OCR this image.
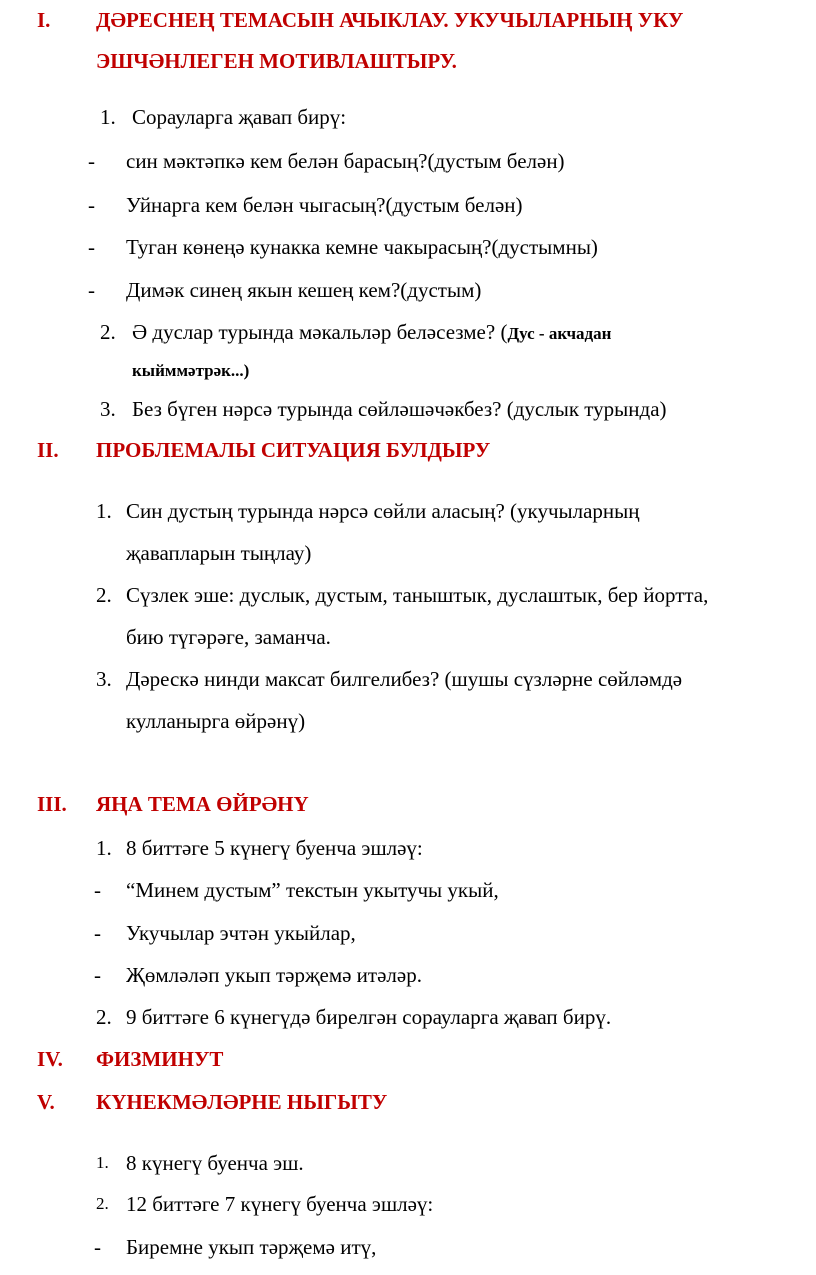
I. ДӘРЕСНЕҢ ТЕМАСЫН АЧЫКЛАУ. УКУЧЫЛАРНЫҢ УКУ
ЭШЧӘНЛЕГЕН МОТИВЛАШТЫРУ.
1. Сорауларга җавап бирү:
- син мәктәпкә кем белән барасың?(дустым белән)
- Уйнарга кем белән чыгасың?(дустым белән)
- Туган көнеңә кунакка кемне чакырасың?(дустымны)
- Димәк синең якын кешең кем?(дустым)
2. Ә дуслар турында мәкальләр беләсезме? (Дус - акчадан
кыйммәтрәк...)
3. Без бүген нәрсә турында сөйләшәчәкбез? (дуслык турында)
II. ПРОБЛЕМАЛЫ СИТУАЦИЯ БУЛДЫРУ
1. Син дустың турында нәрсә сөйли аласың? (укучыларның
җавапларын тыңлау)
2. Сүзлек эше: дуслык, дустым, таныштык, дуслаштык, бер йортта,
бию түгәрәге, заманча.
3. Дәрескә нинди максат билгелибез? (шушы сүзләрне сөйләмдә
кулланырга өйрәнү)
III. ЯҢА ТЕМА ӨЙРӘНҮ
1. 8 биттәге 5 күнегү буенча эшләү:
- “Минем дустым” текстын укытучы укый,
- Укучылар эчтән укыйлар,
- Җөмләләп укып тәрҗемә итәләр.
2. 9 биттәге 6 күнегүдә бирелгән сорауларга җавап бирү.
IV. ФИЗМИНУТ
V. КҮНЕКМӘЛӘРНЕ НЫГЫТУ
1. 8 күнегү буенча эш.
2. 12 биттәге 7 күнегү буенча эшләү:
- Биремне укып тәрҗемә итү,
